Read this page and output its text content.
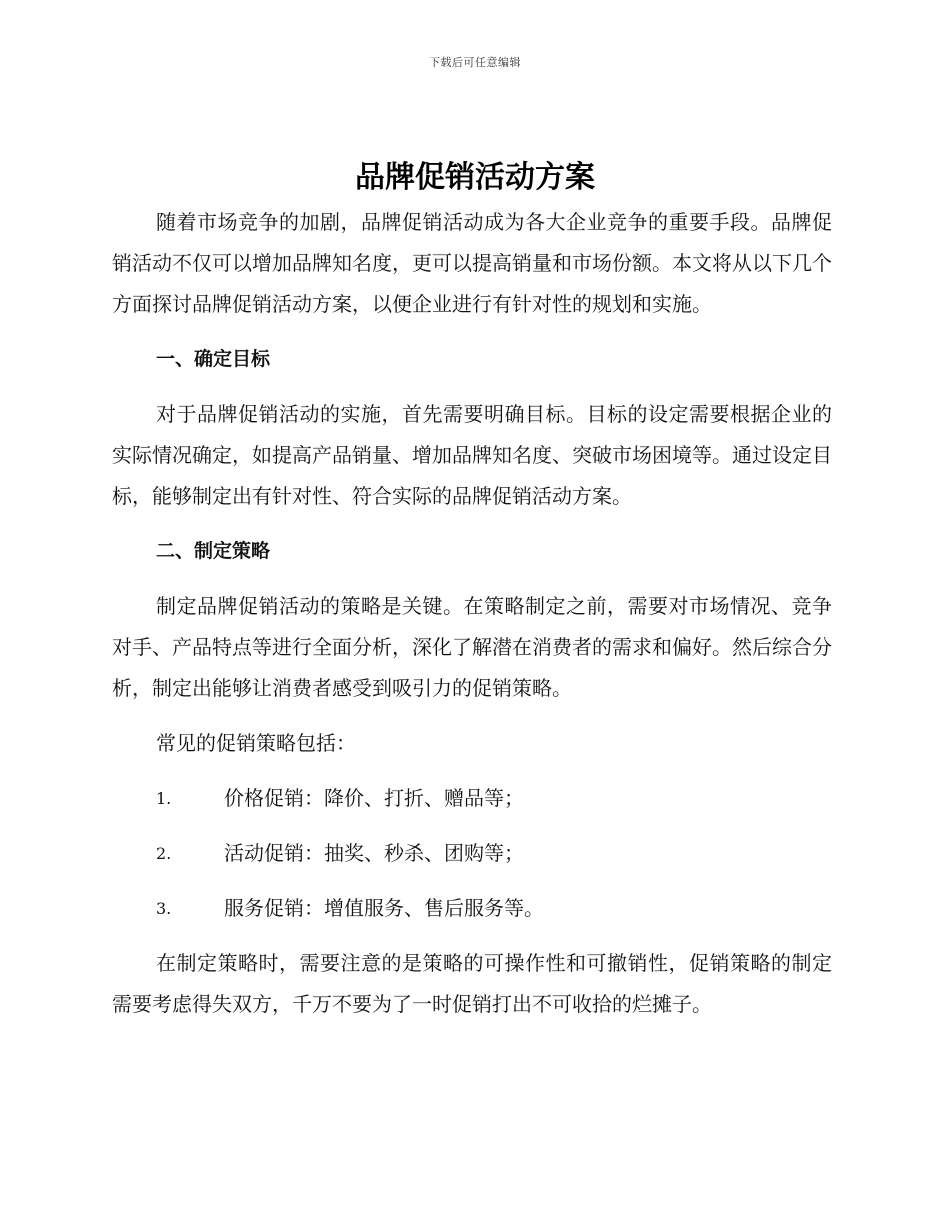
下载后可任意编辑
品牌促销活动方案

随着市场竞争的加剧，品牌促销活动成为各大企业竞争的重要手段。品牌促销活动不仅可以增加品牌知名度，更可以提高销量和市场份额。本文将从以下几个方面探讨品牌促销活动方案，以便企业进行有针对性的规划和实施。

一、确定目标

对于品牌促销活动的实施，首先需要明确目标。目标的设定需要根据企业的实际情况确定，如提高产品销量、增加品牌知名度、突破市场困境等。通过设定目标，能够制定出有针对性、符合实际的品牌促销活动方案。

二、制定策略

制定品牌促销活动的策略是关键。在策略制定之前，需要对市场情况、竞争对手、产品特点等进行全面分析，深化了解潜在消费者的需求和偏好。然后综合分析，制定出能够让消费者感受到吸引力的促销策略。

常见的促销策略包括：

1.	价格促销：降价、打折、赠品等；
2.	活动促销：抽奖、秒杀、团购等；
3.	服务促销：增值服务、售后服务等。

在制定策略时，需要注意的是策略的可操作性和可撤销性，促销策略的制定需要考虑得失双方，千万不要为了一时促销打出不可收拾的烂摊子。
